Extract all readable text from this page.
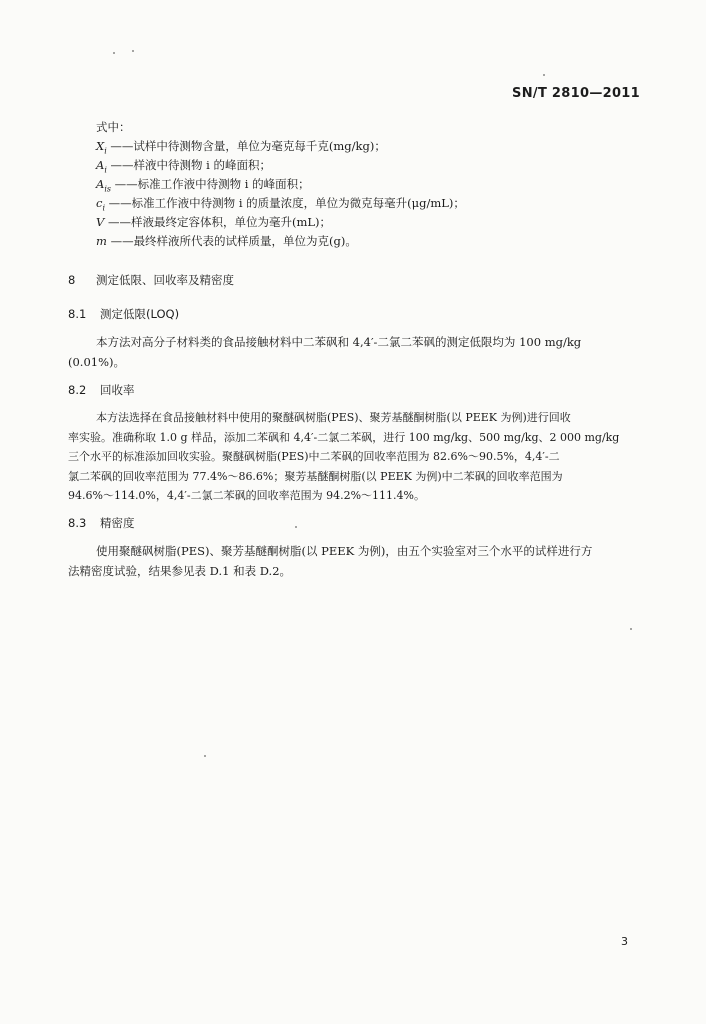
SN/T 2810—2011
式中：
$X_i$ ——试样中待测物含量，单位为毫克每千克(mg/kg)；
$A_i$ ——样液中待测物 i 的峰面积；
$A_{is}$ ——标准工作液中待测物 i 的峰面积；
$c_i$ ——标准工作液中待测物 i 的质量浓度，单位为微克每毫升(μg/mL)；
V ——样液最终定容体积，单位为毫升(mL)；
m ——最终样液所代表的试样质量，单位为克(g)。
8 测定低限、回收率及精密度
8.1 测定低限(LOQ)
本方法对高分子材料类的食品接触材料中二苯砜和 4,4′-二氯二苯砜的测定低限均为 100 mg/kg
(0.01%)。
8.2 回收率
本方法选择在食品接触材料中使用的聚醚砜树脂(PES)、聚芳基醚酮树脂(以 PEEK 为例)进行回收
率实验。准确称取 1.0 g 样品，添加二苯砜和 4,4′-二氯二苯砜，进行 100 mg/kg、500 mg/kg、2 000 mg/kg
三个水平的标准添加回收实验。聚醚砜树脂(PES)中二苯砜的回收率范围为 82.6%～90.5%，4,4′-二
氯二苯砜的回收率范围为 77.4%～86.6%；聚芳基醚酮树脂(以 PEEK 为例)中二苯砜的回收率范围为
94.6%～114.0%，4,4′-二氯二苯砜的回收率范围为 94.2%～111.4%。
8.3 精密度
使用聚醚砜树脂(PES)、聚芳基醚酮树脂(以 PEEK 为例)，由五个实验室对三个水平的试样进行方
法精密度试验，结果参见表 D.1 和表 D.2。
3
